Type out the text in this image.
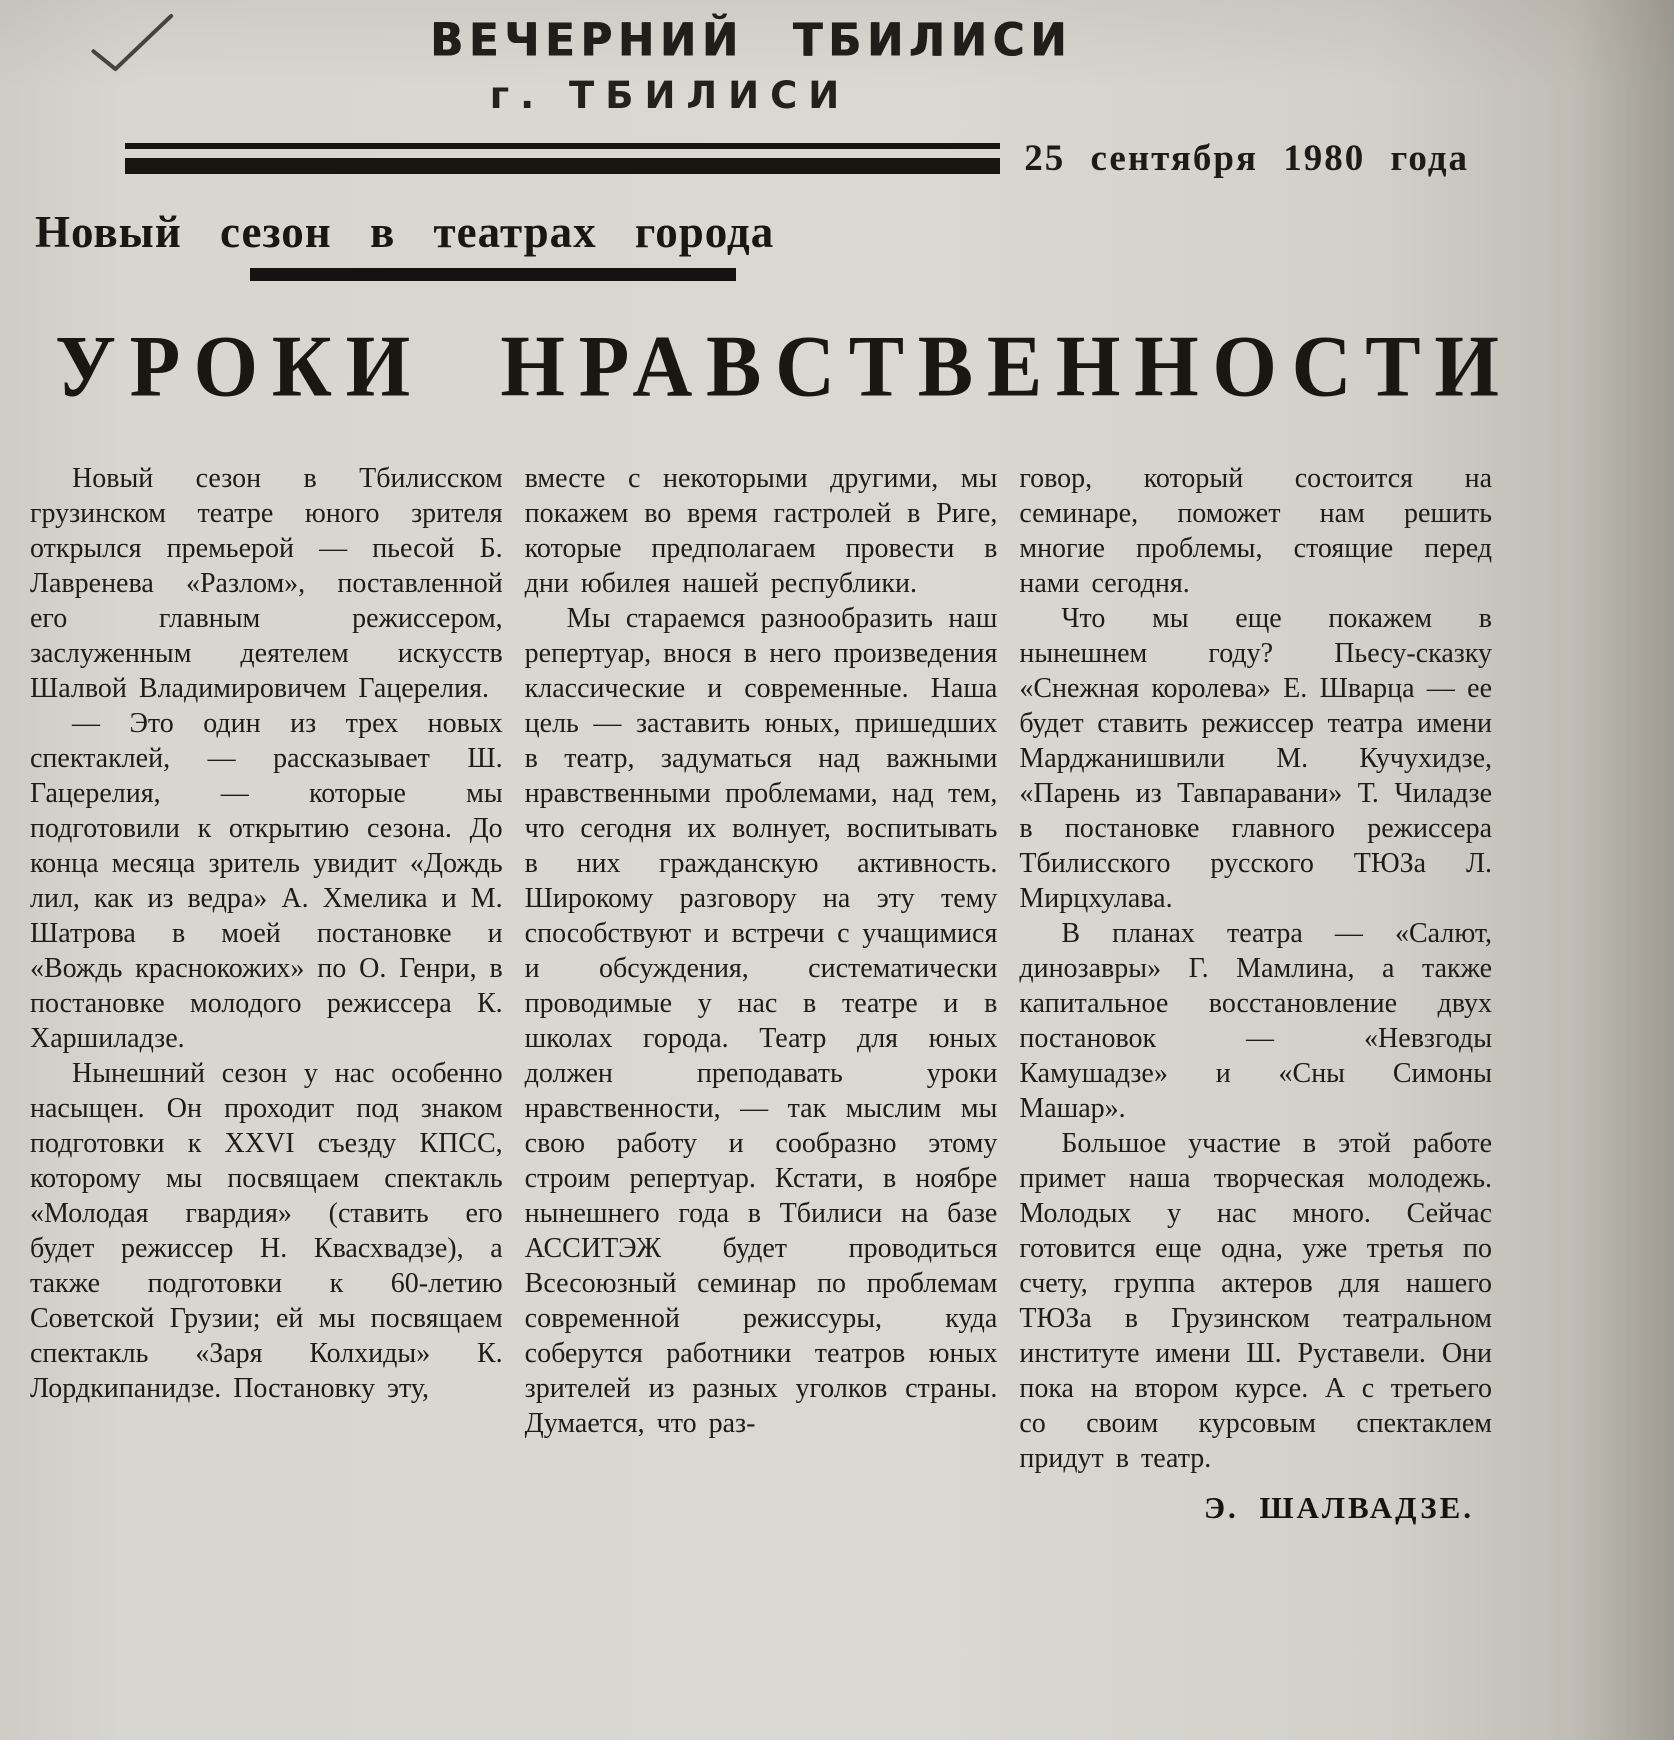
ВЕЧЕРНИЙ ТБИЛИСИ
г. ТБИЛИСИ
25 сентября 1980 года
Новый сезон в театрах города
УРОКИ НРАВСТВЕННОСТИ

Новый сезон в Тбилисском грузинском театре юного зрителя открылся премьерой — пьесой Б. Лавренева «Разлом», поставленной его главным режиссером, заслуженным деятелем искусств Шалвой Владимировичем Гацерелия.

— Это один из трех новых спектаклей, — рассказывает Ш. Гацерелия, — которые мы подготовили к открытию сезона. До конца месяца зритель увидит «Дождь лил, как из ведра» А. Хмелика и М. Шатрова в моей постановке и «Вождь краснокожих» по О. Генри, в постановке молодого режиссера К. Харшиладзе.

Нынешний сезон у нас особенно насыщен. Он проходит под знаком подготовки к XXVI съезду КПСС, которому мы посвящаем спектакль «Молодая гвардия» (ставить его будет режиссер Н. Квасхвадзе), а также подготовки к 60-летию Советской Грузии; ей мы посвящаем спектакль «Заря Колхиды» К. Лордкипанидзе. Постановку эту,

вместе с некоторыми другими, мы покажем во время гастролей в Риге, которые предполагаем провести в дни юбилея нашей республики.

Мы стараемся разнообразить наш репертуар, внося в него произведения классические и современные. Наша цель — заставить юных, пришедших в театр, задуматься над важными нравственными проблемами, над тем, что сегодня их волнует, воспитывать в них гражданскую активность. Широкому разговору на эту тему способствуют и встречи с учащимися и обсуждения, систематически проводимые у нас в театре и в школах города. Театр для юных должен преподавать уроки нравственности, — так мыслим мы свою работу и сообразно этому строим репертуар. Кстати, в ноябре нынешнего года в Тбилиси на базе АССИТЭЖ будет проводиться Всесоюзный семинар по проблемам современной режиссуры, куда соберутся работники театров юных зрителей из разных уголков страны. Думается, что раз-

говор, который состоится на семинаре, поможет нам решить многие проблемы, стоящие перед нами сегодня.

Что мы еще покажем в нынешнем году? Пьесу-сказку «Снежная королева» Е. Шварца — ее будет ставить режиссер театра имени Марджанишвили М. Кучухидзе, «Парень из Тавпаравани» Т. Чиладзе в постановке главного режиссера Тбилисского русского ТЮЗа Л. Мирцхулава.

В планах театра — «Салют, динозавры» Г. Мамлина, а также капитальное восстановление двух постановок — «Невзгоды Камушадзе» и «Сны Симоны Машар».

Большое участие в этой работе примет наша творческая молодежь. Молодых у нас много. Сейчас готовится еще одна, уже третья по счету, группа актеров для нашего ТЮЗа в Грузинском театральном институте имени Ш. Руставели. Они пока на втором курсе. А с третьего со своим курсовым спектаклем придут в театр.

Э. ШАЛВАДЗЕ.
